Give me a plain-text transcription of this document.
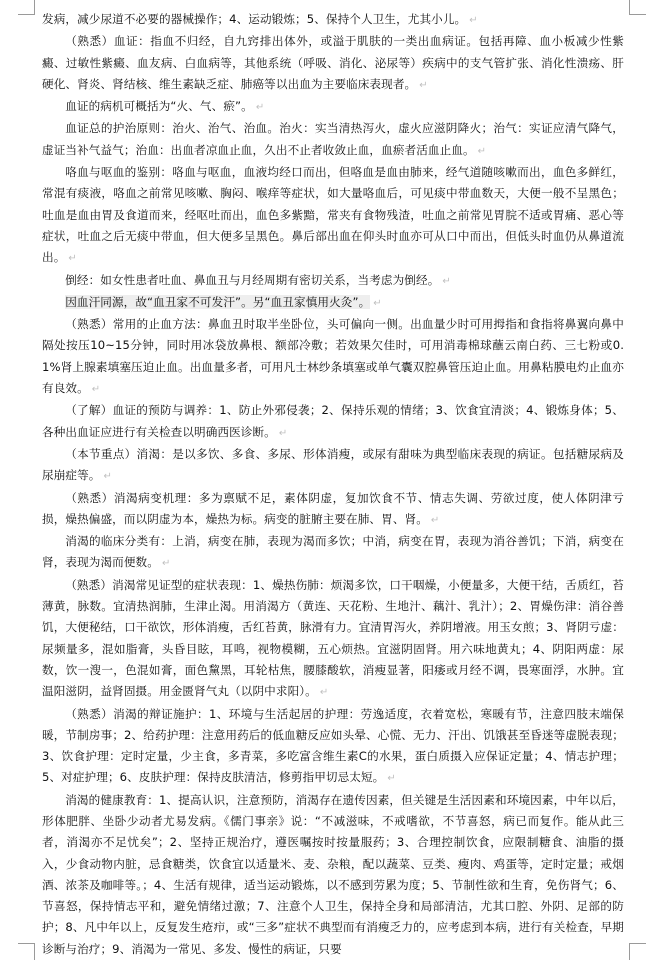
发病，减少尿道不必要的器械操作；4、运动锻炼；5、保持个人卫生，尤其小儿。 ↵

（熟悉）血证：指血不归经，自九窍排出体外，或溢于肌肤的一类出血病证。包括再障、血小板减少性紫癜、过敏性紫癜、血友病、白血病等，其他系统（呼吸、消化、泌尿等）疾病中的支气管扩张、消化性溃疡、肝硬化、肾炎、肾结核、维生素缺乏症、肺癌等以出血为主要临床表现者。 ↵

血证的病机可概括为“火、气、瘀”。 ↵

血证总的护治原则：治火、治气、治血。治火：实当清热泻火，虚火应滋阴降火；治气：实证应清气降气，虚证当补气益气；治血：出血者凉血止血，久出不止者收敛止血，血瘀者活血止血。 ↵

咯血与呕血的鉴别：咯血与呕血，血液均经口而出，但咯血是血由肺来，经气道随咳嗽而出，血色多鲜红，常混有痰液，咯血之前常见咳嗽、胸闷、喉痒等症状，如大量咯血后，可见痰中带血数天，大便一般不呈黑色；吐血是血由胃及食道而来，经呕吐而出，血色多紫黯，常夹有食物残渣，吐血之前常见胃脘不适或胃痛、恶心等症状，吐血之后无痰中带血，但大便多呈黑色。鼻后部出血在仰头时血亦可从口中而出，但低头时血仍从鼻道流出。 ↵

倒经：如女性患者吐血、鼻血丑与月经周期有密切关系，当考虑为倒经。 ↵

因血汗同源，故“血丑家不可发汗”。另“血丑家慎用火灸”。 ↵

（熟悉）常用的止血方法：鼻血丑时取半坐卧位，头可偏向一侧。出血量少时可用拇指和食指将鼻翼向鼻中隔处按压10~15分钟，同时用冰袋放鼻根、额部冷敷；若效果欠佳时，可用消毒棉球蘸云南白药、三七粉或0.1%肾上腺素填塞压迫止血。出血量多者，可用凡士林纱条填塞或单气囊双腔鼻管压迫止血。用鼻粘膜电灼止血亦有良效。 ↵

（了解）血证的预防与调养：1、防止外邪侵袭；2、保持乐观的情绪；3、饮食宜清淡；4、锻炼身体；5、各种出血证应进行有关检查以明确西医诊断。 ↵

（本节重点）消渴：是以多饮、多食、多尿、形体消瘦，或尿有甜味为典型临床表现的病证。包括糖尿病及尿崩症等。 ↵

（熟悉）消渴病变机理：多为禀赋不足，素体阴虚，复加饮食不节、情志失调、劳欲过度，使人体阴津亏损，燥热偏盛，而以阴虚为本，燥热为标。病变的脏腑主要在肺、胃、肾。 ↵

消渴的临床分类有：上消，病变在肺，表现为渴而多饮；中消，病变在胃，表现为消谷善饥；下消，病变在肾，表现为渴而便数。 ↵

（熟悉）消渴常见证型的症状表现：1、燥热伤肺：烦渴多饮，口干咽燥，小便量多，大便干结，舌质红，苔薄黄，脉数。宜清热润肺，生津止渴。用消渴方（黄连、天花粉、生地汁、藕汁、乳汁）；2、胃燥伤津：消谷善饥，大便秘结，口干欲饮，形体消瘦，舌红苔黄，脉滑有力。宜清胃泻火，养阴增液。用玉女煎；3、肾阴亏虚：尿频量多，混如脂膏，头昏目眩，耳鸣，视物模糊，五心烦热。宜滋阴固肾。用六味地黄丸；4、阴阳两虚：尿数，饮一溲一，色混如膏，面色黧黑，耳轮枯焦，腰膝酸软，消瘦显著，阳痿或月经不调，畏寒面浮，水肿。宜温阳滋阴，益肾固摄。用金匮肾气丸（以阴中求阳）。 ↵

（熟悉）消渴的辩证施护：1、环境与生活起居的护理：劳逸适度，衣着宽松，寒暖有节，注意四肢末端保暖，节制房事；2、给药护理：注意用药后的低血糖反应如头晕、心慌、无力、汗出、饥饿甚至昏迷等虚脱表现；3、饮食护理：定时定量，少主食，多青菜，多吃富含维生素C的水果，蛋白质摄入应保证定量；4、情志护理；5、对症护理；6、皮肤护理：保持皮肤清洁，修剪指甲切忌太短。 ↵

消渴的健康教育：1、提高认识，注意预防，消渴存在遗传因素，但关键是生活因素和环境因素，中年以后，形体肥胖、坐卧少动者尤易发病。《儒门事亲》说：“不减滋味，不戒嗜欲，不节喜怒，病已而复作。能从此三者，消渴亦不足忧矣”；2、坚持正规治疗，遵医嘱按时按量服药；3、合理控制饮食，应限制糖食、油脂的摄入，少食动物内脏，忌食糖类，饮食宜以适量米、麦、杂粮，配以蔬菜、豆类、瘦肉、鸡蛋等，定时定量；戒烟酒、浓茶及咖啡等。；4、生活有规律，适当运动锻炼，以不感到劳累为度；5、节制性欲和生育，免伤肾气；6、节喜怒，保持情志平和，避免情绪过激；7、注意个人卫生，保持全身和局部清洁，尤其口腔、外阴、足部的防护；8、凡中年以上，反复发生疮疖，或“三多”症状不典型而有消瘦乏力的，应考虑到本病，进行有关检查，早期诊断与治疗；9、消渴为一常见、多发、慢性的病证，只要
